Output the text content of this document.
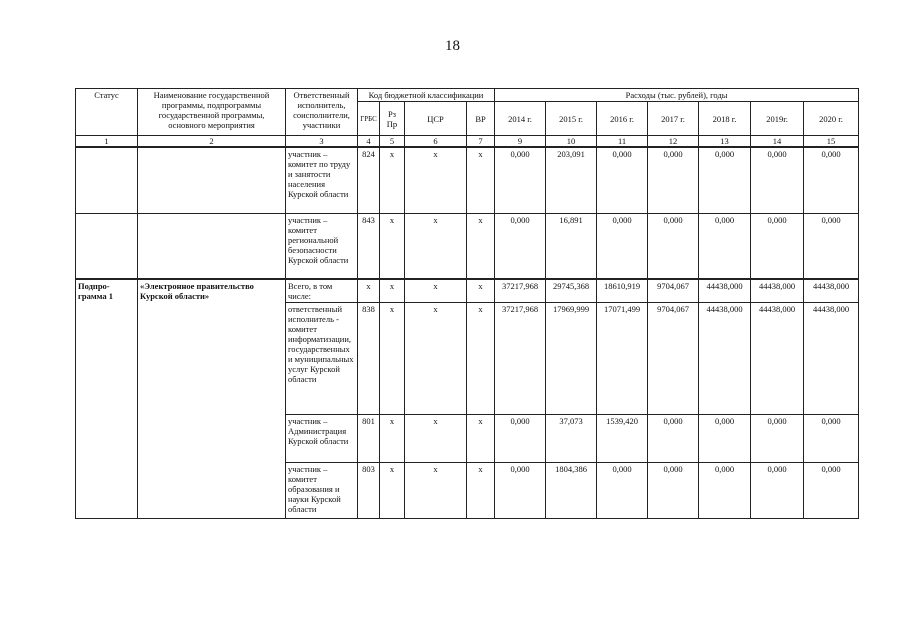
18
Статус	Наименование государственной программы, подпрограммы государственной программы, основного мероприятия	Ответственный исполнитель, соисполнители, участники	Код бюджетной классификации				Расходы (тыс. рублей), годы						
			ГРБС	Рз Пр	ЦСР	ВР	2014 г.	2015 г.	2016 г.	2017 г.	2018 г.	2019г.	2020 г.
1	2	3	4	5	6	7	9	10	11	12	13	14	15
		участник – комитет по труду и занятости населения Курской области	824	х	х	х	0,000	203,091	0,000	0,000	0,000	0,000	0,000
		участник – комитет региональной безопасности Курской области	843	х	х	х	0,000	16,891	0,000	0,000	0,000	0,000	0,000
Подпро-грамма 1	«Электронное правительство Курской области»	Всего, в том числе:	х	х	х	х	37217,968	29745,368	18610,919	9704,067	44438,000	44438,000	44438,000
		ответственный исполнитель - комитет информатизации, государственных и муниципальных услуг Курской области	838	х	х	х	37217,968	17969,999	17071,499	9704,067	44438,000	44438,000	44438,000
		участник – Администрация Курской области	801	х	х	х	0,000	37,073	1539,420	0,000	0,000	0,000	0,000
		участник – комитет образования и науки Курской области	803	х	х	х	0,000	1804,386	0,000	0,000	0,000	0,000	0,000
